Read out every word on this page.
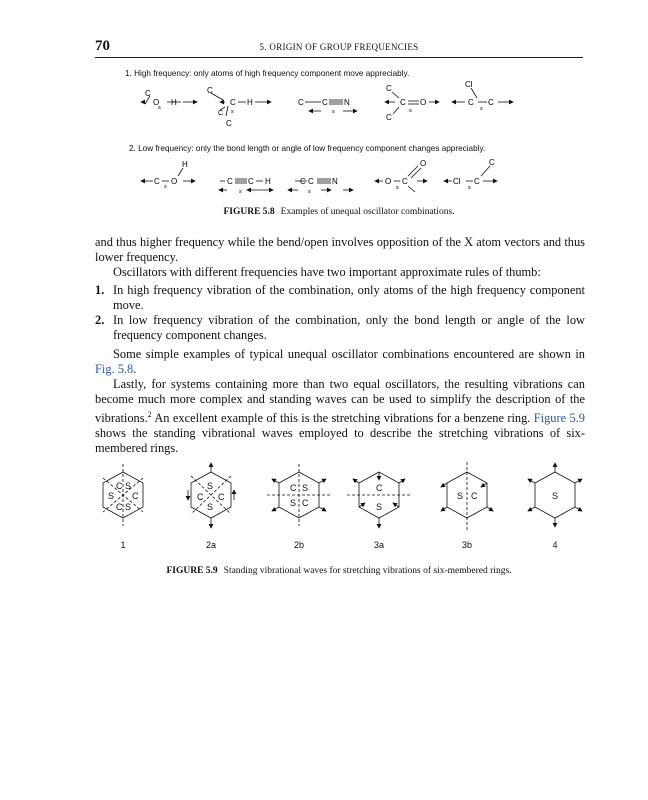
70	5. ORIGIN OF GROUP FREQUENCIES
1. High frequency: only atoms of high frequency component move appreciably.
C
O
s
H
C
C H
C s
C
C C N
s
C
C O
s
C
Cl
C
s
C
2. Low frequency: only the bond length or angle of low frequency component changes appreciably.
C
s
O
H
C C H
s
C C N
s
O
s
C
O
Cl C
s
C
FIGURE 5.8 Examples of unequal oscillator combinations.

and thus higher frequency while the bend/open involves opposition of the X atom vectors and thus lower frequency.

Oscillators with different frequencies have two important approximate rules of thumb:

1. In high frequency vibration of the combination, only atoms of the high frequency component move.
2. In low frequency vibration of the combination, only the bond length or angle of the low frequency component changes.

Some simple examples of typical unequal oscillator combinations encountered are shown in Fig. 5.8.

Lastly, for systems containing more than two equal oscillators, the resulting vibrations can become much more complex and standing waves can be used to simplify the description of the vibrations.$^2$ An excellent example of this is the stretching vibrations for a benzene ring. Figure 5.9 shows the standing vibrational waves employed to describe the stretching vibrations of six-membered rings.

C S
S C
C S
S
C C
S
C S
S C
C
S
S C	S
1	2a	2b	3a	3b	4
FIGURE 5.9 Standing vibrational waves for stretching vibrations of six-membered rings.
